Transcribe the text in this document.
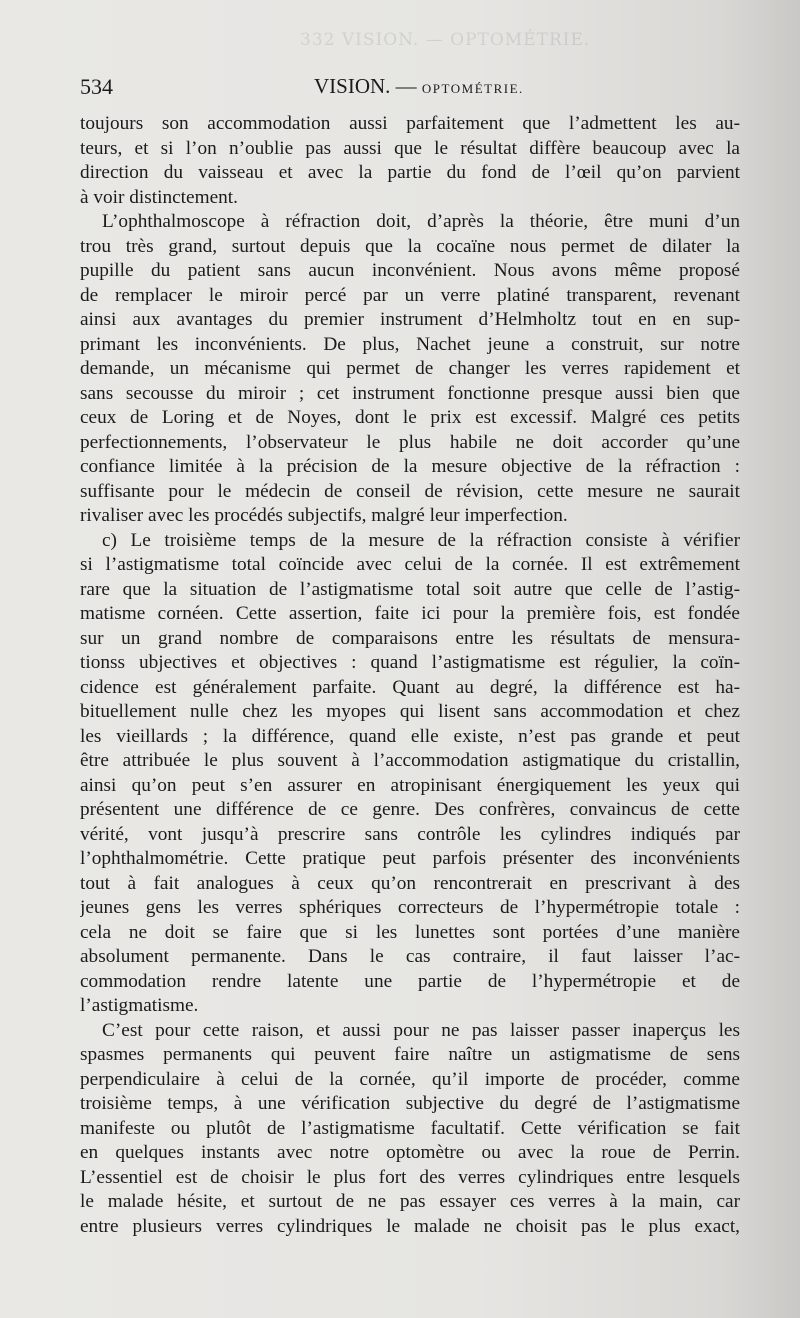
332 VISION. — OPTOMÉTRIE.
534	VISION. — OPTOMÉTRIE.
toujours son accommodation aussi parfaitement que l’admettent les au-
teurs, et si l’on n’oublie pas aussi que le résultat diffère beaucoup avec la
direction du vaisseau et avec la partie du fond de l’œil qu’on parvient
à voir distinctement.
L’ophthalmoscope à réfraction doit, d’après la théorie, être muni d’un
trou très grand, surtout depuis que la cocaïne nous permet de dilater la
pupille du patient sans aucun inconvénient. Nous avons même proposé
de remplacer le miroir percé par un verre platiné transparent, revenant
ainsi aux avantages du premier instrument d’Helmholtz tout en en sup-
primant les inconvénients. De plus, Nachet jeune a construit, sur notre
demande, un mécanisme qui permet de changer les verres rapidement et
sans secousse du miroir ; cet instrument fonctionne presque aussi bien que
ceux de Loring et de Noyes, dont le prix est excessif. Malgré ces petits
perfectionnements, l’observateur le plus habile ne doit accorder qu’une
confiance limitée à la précision de la mesure objective de la réfraction :
suffisante pour le médecin de conseil de révision, cette mesure ne saurait
rivaliser avec les procédés subjectifs, malgré leur imperfection.
c) Le troisième temps de la mesure de la réfraction consiste à vérifier
si l’astigmatisme total coïncide avec celui de la cornée. Il est extrêmement
rare que la situation de l’astigmatisme total soit autre que celle de l’astig-
matisme cornéen. Cette assertion, faite ici pour la première fois, est fondée
sur un grand nombre de comparaisons entre les résultats de mensura-
tionss ubjectives et objectives : quand l’astigmatisme est régulier, la coïn-
cidence est généralement parfaite. Quant au degré, la différence est ha-
bituellement nulle chez les myopes qui lisent sans accommodation et chez
les vieillards ; la différence, quand elle existe, n’est pas grande et peut
être attribuée le plus souvent à l’accommodation astigmatique du cristallin,
ainsi qu’on peut s’en assurer en atropinisant énergiquement les yeux qui
présentent une différence de ce genre. Des confrères, convaincus de cette
vérité, vont jusqu’à prescrire sans contrôle les cylindres indiqués par
l’ophthalmométrie. Cette pratique peut parfois présenter des inconvénients
tout à fait analogues à ceux qu’on rencontrerait en prescrivant à des
jeunes gens les verres sphériques correcteurs de l’hypermétropie totale :
cela ne doit se faire que si les lunettes sont portées d’une manière
absolument permanente. Dans le cas contraire, il faut laisser l’ac-
commodation rendre latente une partie de l’hypermétropie et de
l’astigmatisme.
C’est pour cette raison, et aussi pour ne pas laisser passer inaperçus les
spasmes permanents qui peuvent faire naître un astigmatisme de sens
perpendiculaire à celui de la cornée, qu’il importe de procéder, comme
troisième temps, à une vérification subjective du degré de l’astigmatisme
manifeste ou plutôt de l’astigmatisme facultatif. Cette vérification se fait
en quelques instants avec notre optomètre ou avec la roue de Perrin.
L’essentiel est de choisir le plus fort des verres cylindriques entre lesquels
le malade hésite, et surtout de ne pas essayer ces verres à la main, car
entre plusieurs verres cylindriques le malade ne choisit pas le plus exact,
